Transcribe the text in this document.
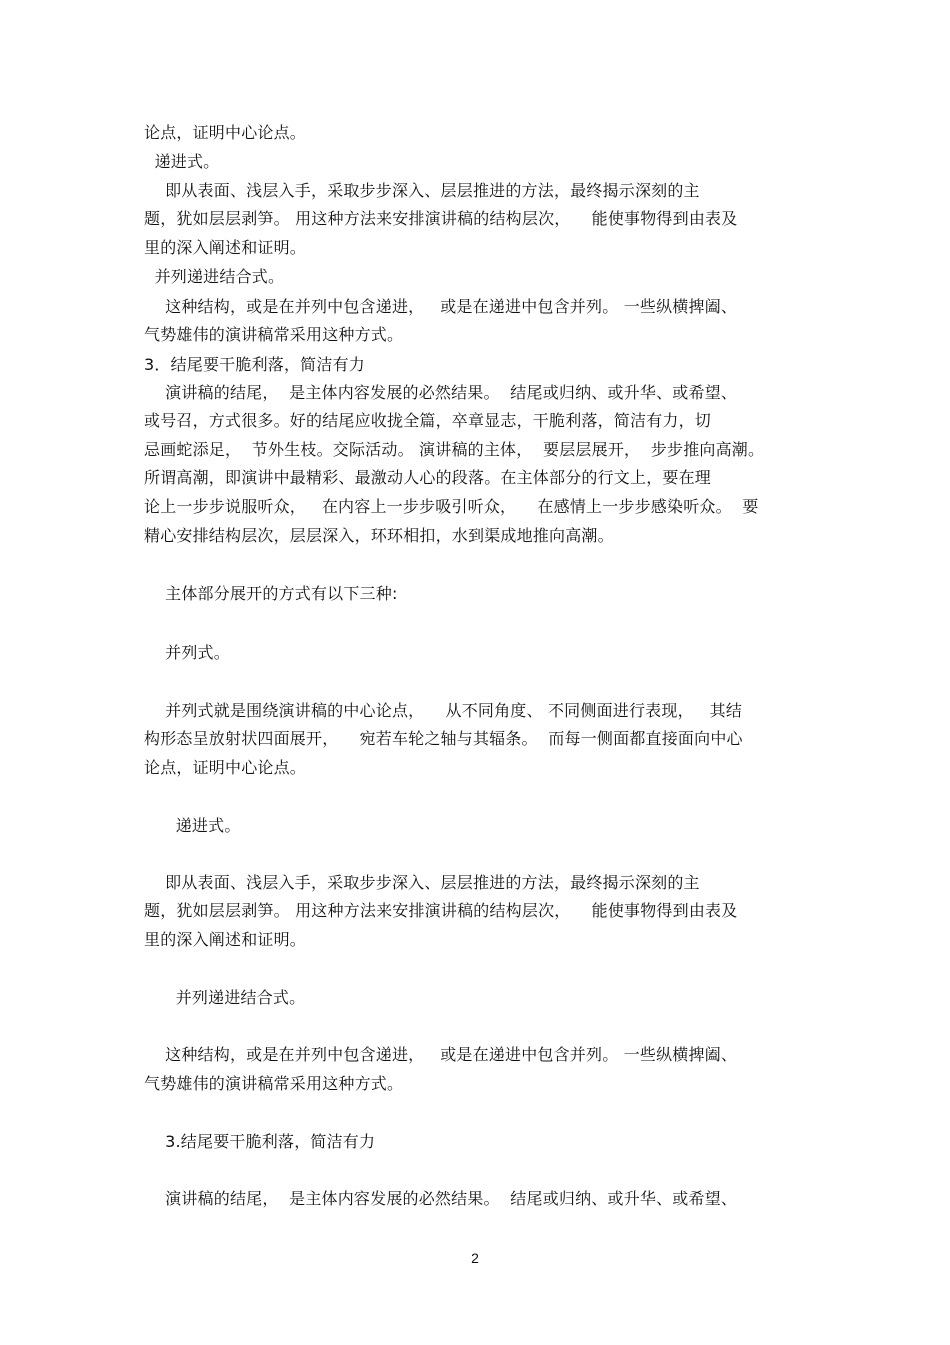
论点，证明中心论点。
递进式。
即从表面、浅层入手，采取步步深入、层层推进的方法，最终揭示深刻的主
题，犹如层层剥笋。 用这种方法来安排演讲稿的结构层次，    能使事物得到由表及
里的深入阐述和证明。
并列递进结合式。
这种结构，或是在并列中包含递进，   或是在递进中包含并列。 一些纵横捭阖、
气势雄伟的演讲稿常采用这种方式。
3．结尾要干脆利落，简洁有力
演讲稿的结尾，  是主体内容发展的必然结果。  结尾或归纳、或升华、或希望、
或号召，方式很多。好的结尾应收拢全篇，卒章显志，干脆利落，简洁有力，切
忌画蛇添足，  节外生枝。交际活动。 演讲稿的主体，  要层层展开，  步步推向高潮。
所谓高潮，即演讲中最精彩、最激动人心的段落。在主体部分的行文上，要在理
论上一步步说服听众，   在内容上一步步吸引听众，    在感情上一步步感染听众。  要
精心安排结构层次，层层深入，环环相扣，水到渠成地推向高潮。
主体部分展开的方式有以下三种:
并列式。
并列式就是围绕演讲稿的中心论点，    从不同角度、 不同侧面进行表现，   其结
构形态呈放射状四面展开，    宛若车轮之轴与其辐条。  而每一侧面都直接面向中心
论点，证明中心论点。
递进式。
即从表面、浅层入手，采取步步深入、层层推进的方法，最终揭示深刻的主
题，犹如层层剥笋。 用这种方法来安排演讲稿的结构层次，    能使事物得到由表及
里的深入阐述和证明。
并列递进结合式。
这种结构，或是在并列中包含递进，   或是在递进中包含并列。 一些纵横捭阖、
气势雄伟的演讲稿常采用这种方式。
3.结尾要干脆利落，简洁有力
演讲稿的结尾，  是主体内容发展的必然结果。  结尾或归纳、或升华、或希望、
2
